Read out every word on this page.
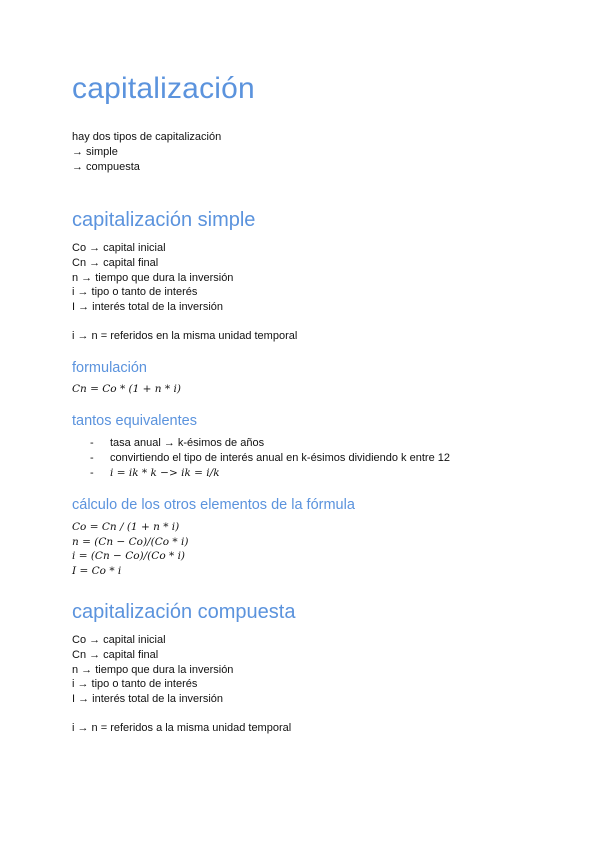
capitalización
hay dos tipos de capitalización
→ simple
→ compuesta
capitalización simple
Co → capital inicial
Cn → capital final
n → tiempo que dura la inversión
i → tipo o tanto de interés
I → interés total de la inversión
i → n = referidos en la misma unidad temporal
formulación
Cn = Co * (1 + n * i)
tantos equivalentes
- tasa anual → k-ésimos de años
- convirtiendo el tipo de interés anual en k-ésimos dividiendo k entre 12
- i = ik * k −> ik = i/k
cálculo de los otros elementos de la fórmula
Co = Cn / (1 + n * i)
n = (Cn − Co)/(Co * i)
i = (Cn − Co)/(Co * i)
I = Co * i
capitalización compuesta
Co → capital inicial
Cn → capital final
n → tiempo que dura la inversión
i → tipo o tanto de interés
I → interés total de la inversión
i → n = referidos a la misma unidad temporal
